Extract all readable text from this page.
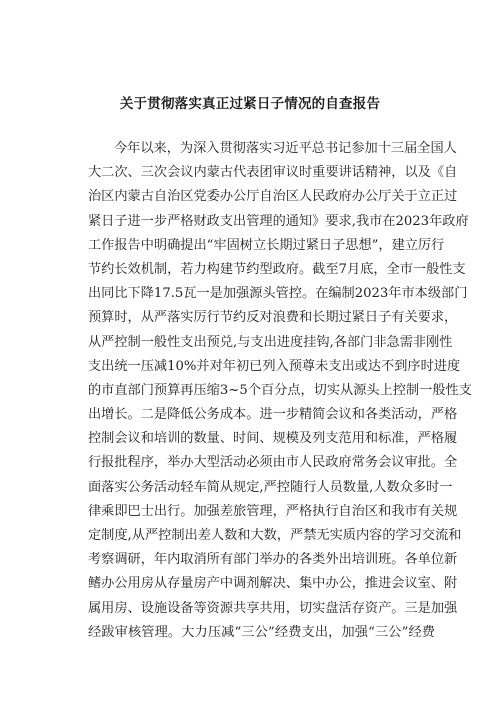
关于贯彻落实真正过紧日子情况的自查报告
今年以来，为深入贯彻落实习近平总书记参加十三届全国人
大二次、三次会议内蒙古代表团审议时重要讲话精神，以及《自
治区内蒙古自治区党委办公厅自治区人民政府办公厅关于立正过
紧日子进一步严格财政支出管理的通知》要求,我市在2023年政府
工作报告中明确提出“牢固树立长期过紧日子思想”，建立厉行
节约长效机制，若力构建节约型政府。截至7月底，全市一般性支
出同比下降17.5瓦一是加强源头管控。在编制2023年市本级部门
预算时，从严落实厉行节约反对浪费和长期过紧日子有关要求，
从严控制一般性支出预兑,与支出进度挂钩,各部门非急需非刚性
支出统一压减10%并对年初已列入预尊未支出或达不到序时进度
的市直部门预算再压缩3~5个百分点，切实从源头上控制一般性支
出增长。二是降低公务成本。进一步精简会议和各类活动，严格
控制会议和培训的数量、时间、规模及列支范用和标准，严格履
行报批程序，举办大型活动必须由市人民政府常务会议审批。全
面落实公务活动轻车简从规定,严控随行人员数量,人数众多时一
律乘即巴士出行。加强差旅管理，严格执行自治区和我市有关规
定制度,从严控制出差人数和大数，严禁无实质内容的学习交流和
考察调研，年内取消所有部门举办的各类外出培训班。各单位新
鳍办公用房从存量房产中调剂解决、集中办公，推进会议室、附
属用房、设施设备等资源共享共用，切实盘活存资产。三是加强
经跋审核管理。大力压减“三公”经费支出，加强“三公”经费
